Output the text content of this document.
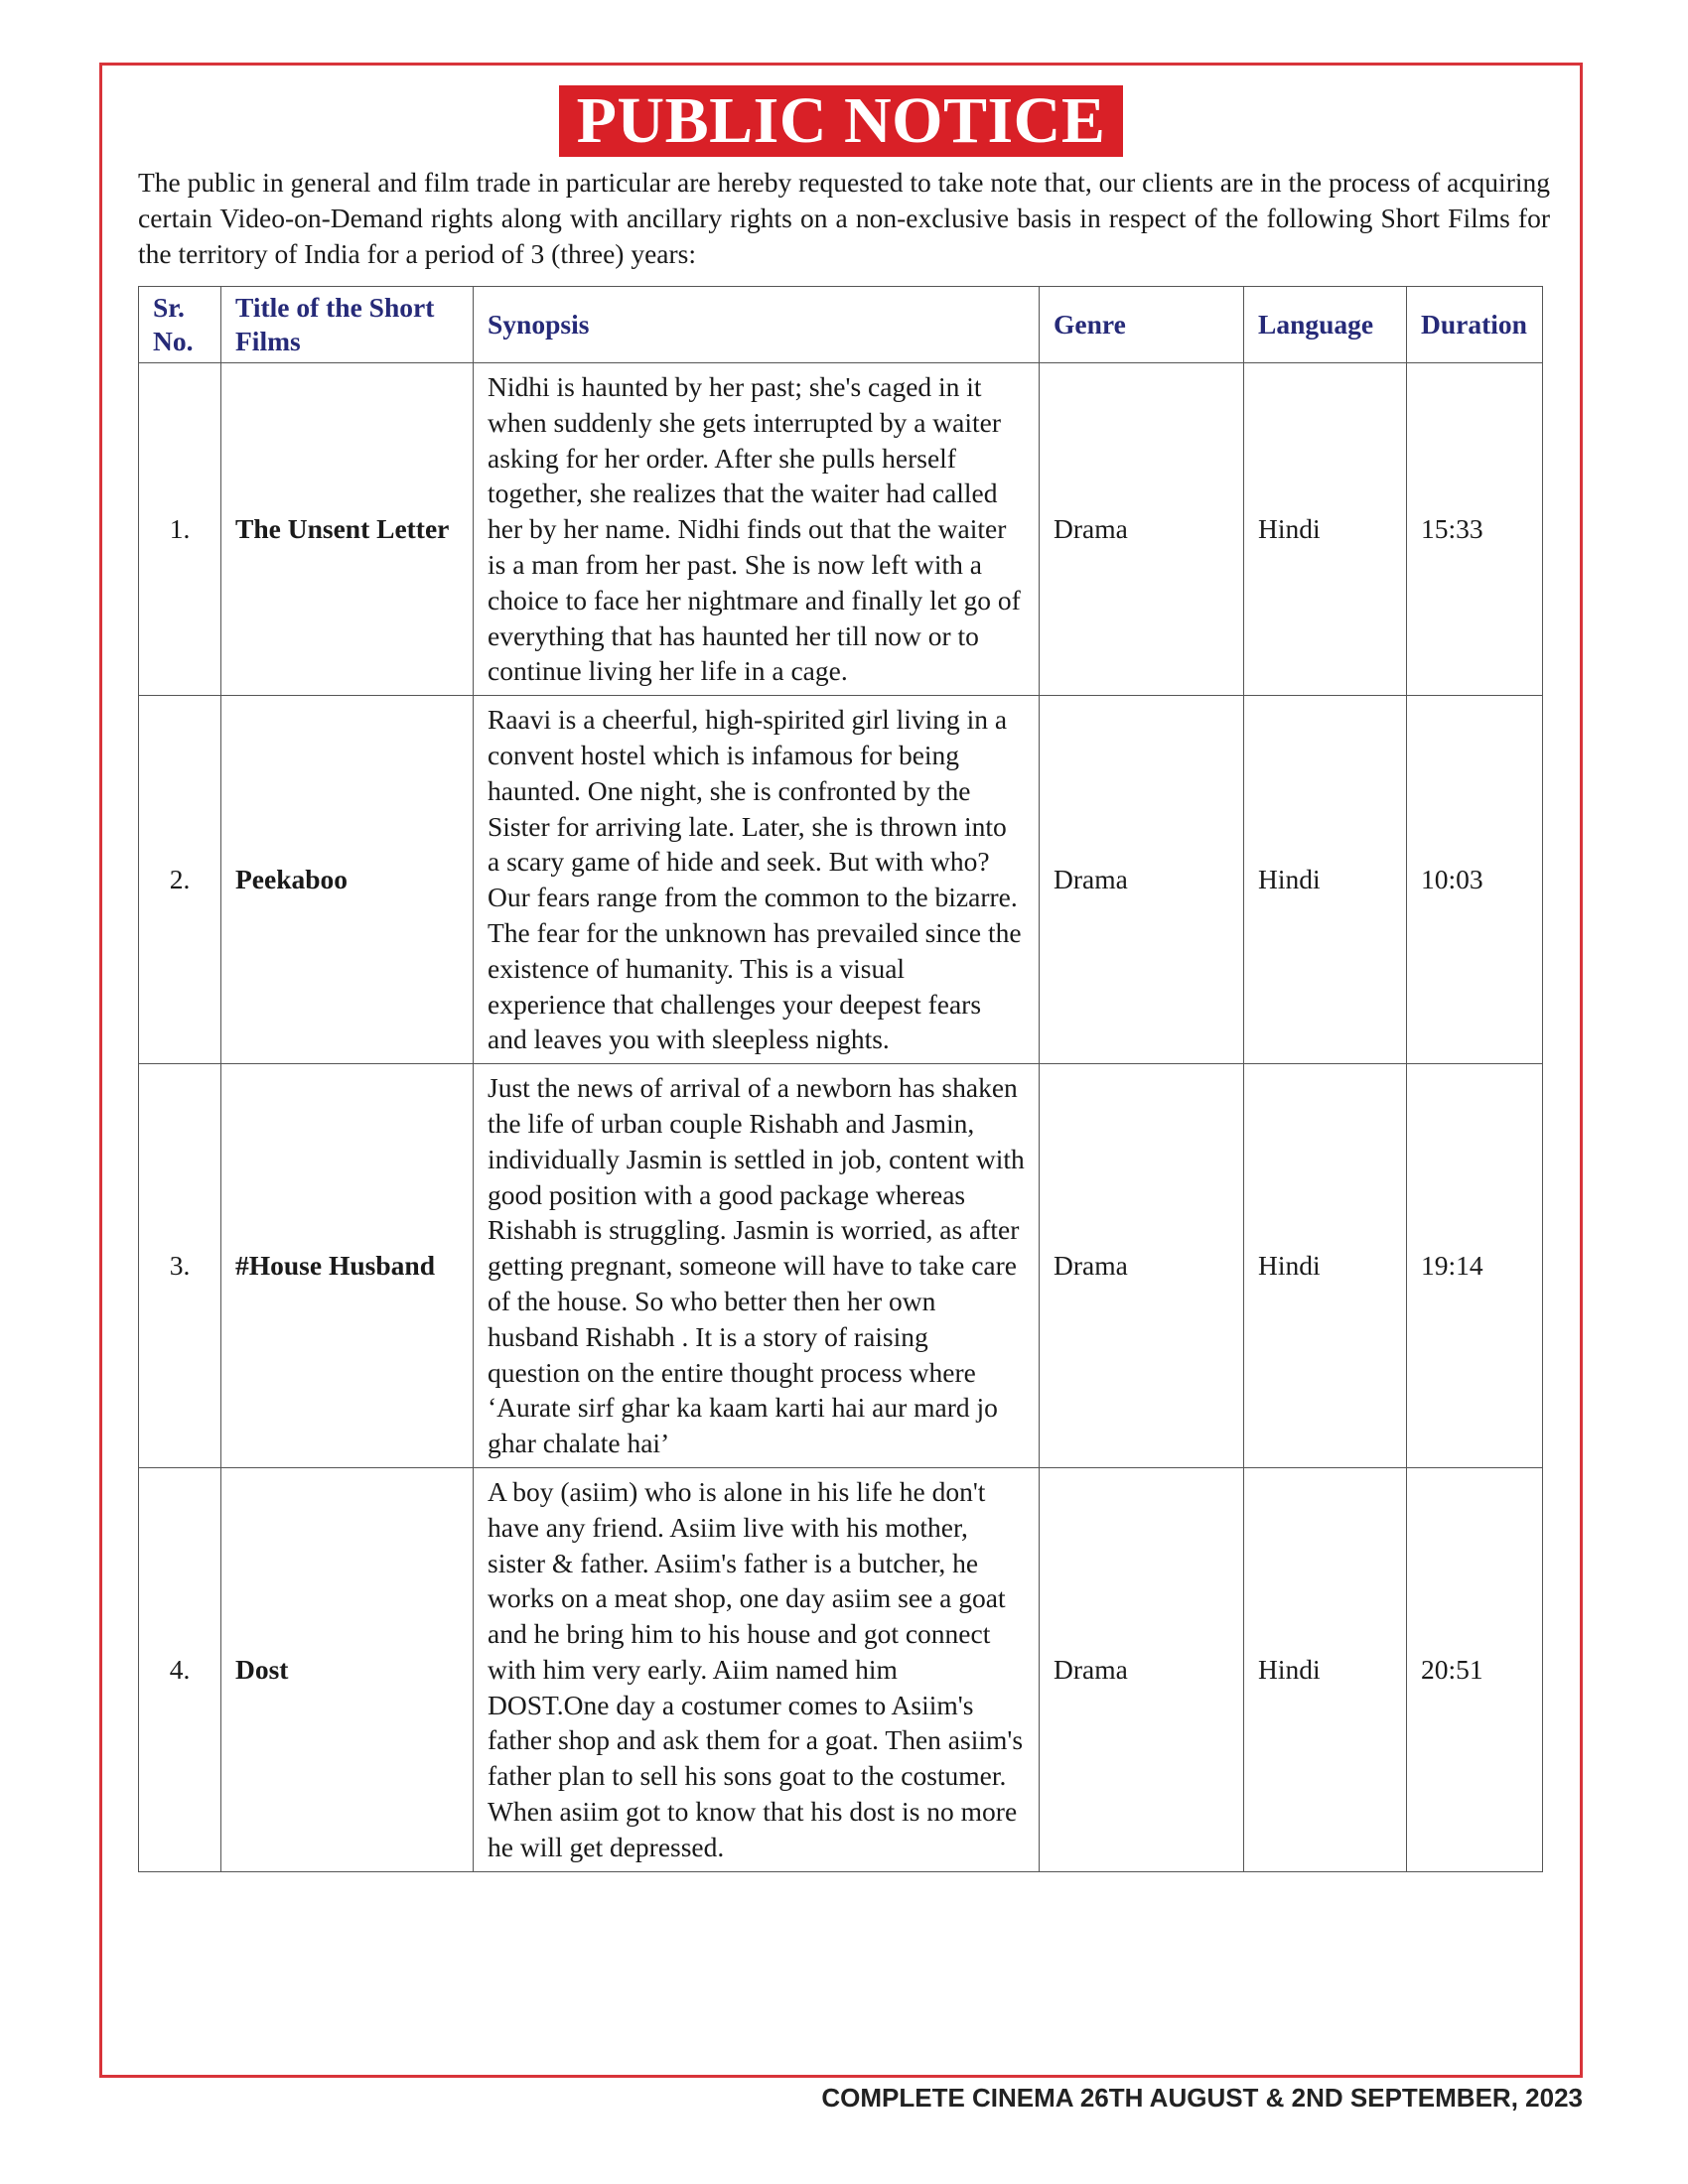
PUBLIC NOTICE

The public in general and film trade in particular are hereby requested to take note that, our clients are in the process of acquiring certain Video-on-Demand rights along with ancillary rights on a non-exclusive basis in respect of the following Short Films for the territory of India for a period of 3 (three) years:

Sr. No.	Title of the Short Films	Synopsis	Genre	Language	Duration
1.	The Unsent Letter	Nidhi is haunted by her past; she's caged in it when suddenly she gets interrupted by a waiter asking for her order. After she pulls herself together, she realizes that the waiter had called her by her name. Nidhi finds out that the waiter is a man from her past. She is now left with a choice to face her nightmare and finally let go of everything that has haunted her till now or to continue living her life in a cage.	Drama	Hindi	15:33
2.	Peekaboo	Raavi is a cheerful, high-spirited girl living in a convent hostel which is infamous for being haunted. One night, she is confronted by the Sister for arriving late. Later, she is thrown into a scary game of hide and seek. But with who? Our fears range from the common to the bizarre. The fear for the unknown has prevailed since the existence of humanity. This is a visual experience that challenges your deepest fears and leaves you with sleepless nights.	Drama	Hindi	10:03
3.	#House Husband	Just the news of arrival of a newborn has shaken the life of urban couple Rishabh and Jasmin, individually Jasmin is settled in job, content with good position with a good package whereas Rishabh is struggling. Jasmin is worried, as after getting pregnant, someone will have to take care of the house. So who better then her own husband Rishabh . It is a story of raising question on the entire thought process where ‘Aurate sirf ghar ka kaam karti hai aur mard jo ghar chalate hai’	Drama	Hindi	19:14
4.	Dost	A boy (asiim) who is alone in his life he don't have any friend. Asiim live with his mother, sister & father. Asiim's father is a butcher, he works on a meat shop, one day asiim see a goat and he bring him to his house and got connect with him very early. Aiim named him DOST.One day a costumer comes to Asiim's father shop and ask them for a goat. Then asiim's father plan to sell his sons goat to the costumer. When asiim got to know that his dost is no more he will get depressed.	Drama	Hindi	20:51
COMPLETE CINEMA 26TH AUGUST & 2ND SEPTEMBER, 2023
